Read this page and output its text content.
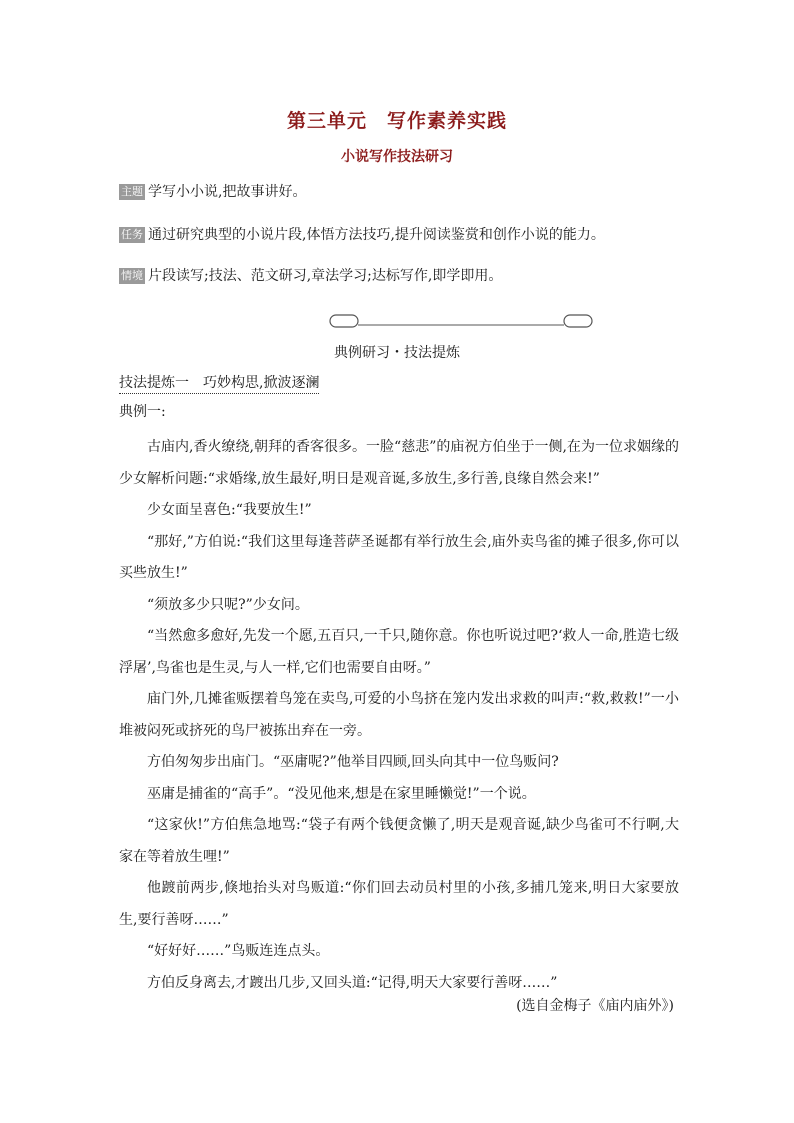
第三单元　写作素养实践
小说写作技法研习
主题 学写小小说,把故事讲好。
任务 通过研究典型的小说片段,体悟方法技巧,提升阅读鉴赏和创作小说的能力。
情境 片段读写;技法、范文研习,章法学习;达标写作,即学即用。
典例研习・技法提炼
技法提炼一　巧妙构思,掀波逐澜
典例一:

古庙内,香火缭绕,朝拜的香客很多。一脸“慈悲”的庙祝方伯坐于一侧,在为一位求姻缘的少女解析问题:“求婚缘,放生最好,明日是观音诞,多放生,多行善,良缘自然会来!”

少女面呈喜色:“我要放生!”

“那好,”方伯说:“我们这里每逢菩萨圣诞都有举行放生会,庙外卖鸟雀的摊子很多,你可以买些放生!”

“须放多少只呢?”少女问。

“当然愈多愈好,先发一个愿,五百只,一千只,随你意。你也听说过吧?‘救人一命,胜造七级浮屠’,鸟雀也是生灵,与人一样,它们也需要自由呀。”

庙门外,几摊雀贩摆着鸟笼在卖鸟,可爱的小鸟挤在笼内发出求救的叫声:“救,救救!”一小堆被闷死或挤死的鸟尸被拣出弃在一旁。

方伯匆匆步出庙门。“巫庸呢?”他举目四顾,回头向其中一位鸟贩问?

巫庸是捕雀的“高手”。“没见他来,想是在家里睡懒觉!”一个说。

“这家伙!”方伯焦急地骂:“袋子有两个钱便贪懒了,明天是观音诞,缺少鸟雀可不行啊,大家在等着放生哩!”

他踱前两步,倏地抬头对鸟贩道:“你们回去动员村里的小孩,多捕几笼来,明日大家要放生,要行善呀……”

“好好好……”鸟贩连连点头。

方伯反身离去,才踱出几步,又回头道:“记得,明天大家要行善呀……”

(选自金梅子《庙内庙外》)
